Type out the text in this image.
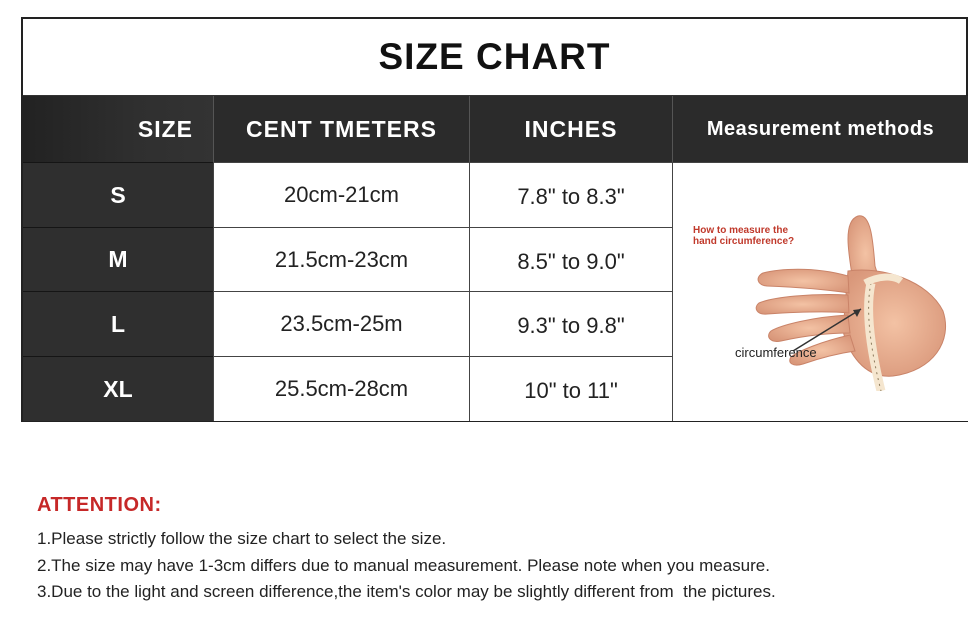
SIZE CHART
SIZE	CENT TMETERS	INCHES	Measurement methods
S	20cm-21cm	7.8" to 8.3"
M	21.5cm-23cm	8.5" to 9.0"
L	23.5cm-25m	9.3" to 9.8"
XL	25.5cm-28cm	10" to 11"
How to measure the
hand circumference?
circumference
ATTENTION:
1.Please strictly follow the size chart to select the size.
2.The size may have 1-3cm differs due to manual measurement. Please note when you measure.
3.Due to the light and screen difference,the item's color may be slightly different from  the pictures.
